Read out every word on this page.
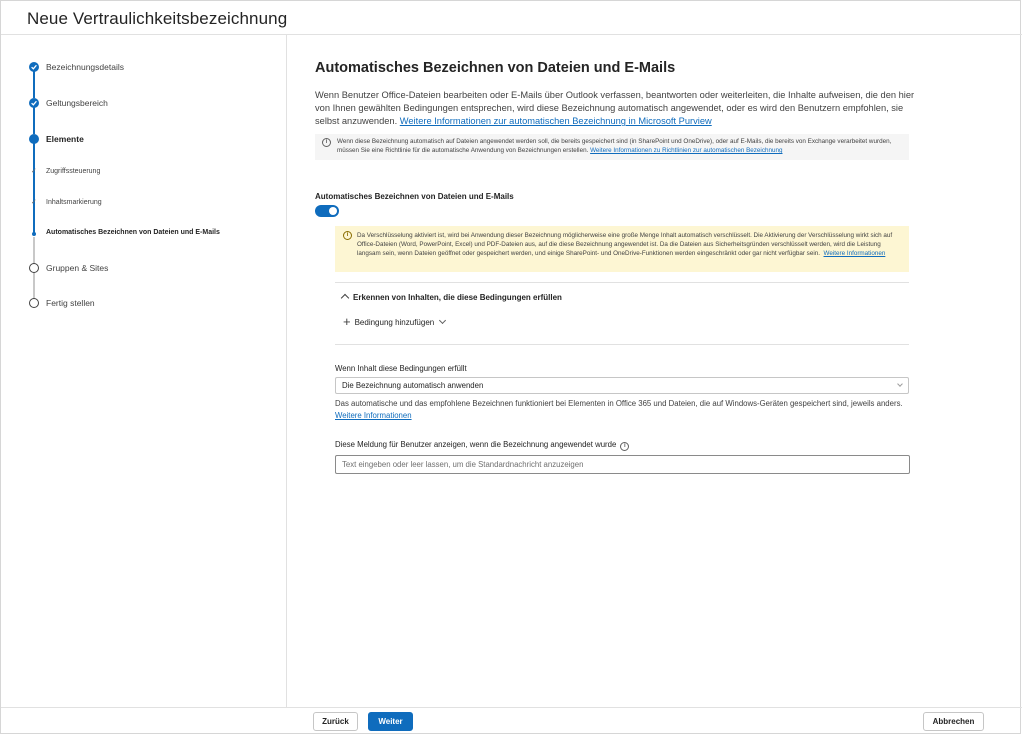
Neue Vertraulichkeitsbezeichnung
Bezeichnungsdetails
Geltungsbereich
Elemente
✓ Zugriffssteuerung
✓ Inhaltsmarkierung
Automatisches Bezeichnen von Dateien und E-Mails
Gruppen & Sites
Fertig stellen
Automatisches Bezeichnen von Dateien und E-Mails
Wenn Benutzer Office-Dateien bearbeiten oder E-Mails über Outlook verfassen, beantworten oder weiterleiten, die Inhalte aufweisen, die den hier von Ihnen gewählten Bedingungen entsprechen, wird diese Bezeichnung automatisch angewendet, oder es wird den Benutzern empfohlen, sie selbst anzuwenden. Weitere Informationen zur automatischen Bezeichnung in Microsoft Purview
i	Wenn diese Bezeichnung automatisch auf Dateien angewendet werden soll, die bereits gespeichert sind (in SharePoint und OneDrive), oder auf E-Mails, die bereits von Exchange verarbeitet wurden, müssen Sie eine Richtlinie für die automatische Anwendung von Bezeichnungen erstellen. Weitere Informationen zu Richtlinien zur automatischen Bezeichnung
Automatisches Bezeichnen von Dateien und E-Mails
i	Da Verschlüsselung aktiviert ist, wird bei Anwendung dieser Bezeichnung möglicherweise eine große Menge Inhalt automatisch verschlüsselt. Die Aktivierung der Verschlüsselung wirkt sich auf Office-Dateien (Word, PowerPoint, Excel) und PDF-Dateien aus, auf die diese Bezeichnung angewendet ist. Da die Dateien aus Sicherheitsgründen verschlüsselt werden, wird die Leistung langsam sein, wenn Dateien geöffnet oder gespeichert werden, und einige SharePoint- und OneDrive-Funktionen werden eingeschränkt oder gar nicht verfügbar sein. Weitere Informationen
Erkennen von Inhalten, die diese Bedingungen erfüllen
+ Bedingung hinzufügen
Wenn Inhalt diese Bedingungen erfüllt
Die Bezeichnung automatisch anwenden
Das automatische und das empfohlene Bezeichnen funktioniert bei Elementen in Office 365 und Dateien, die auf Windows-Geräten gespeichert sind, jeweils anders. Weitere Informationen
Diese Meldung für Benutzer anzeigen, wenn die Bezeichnung angewendet wurde i
Text eingeben oder leer lassen, um die Standardnachricht anzuzeigen
Zurück	Weiter	Abbrechen
